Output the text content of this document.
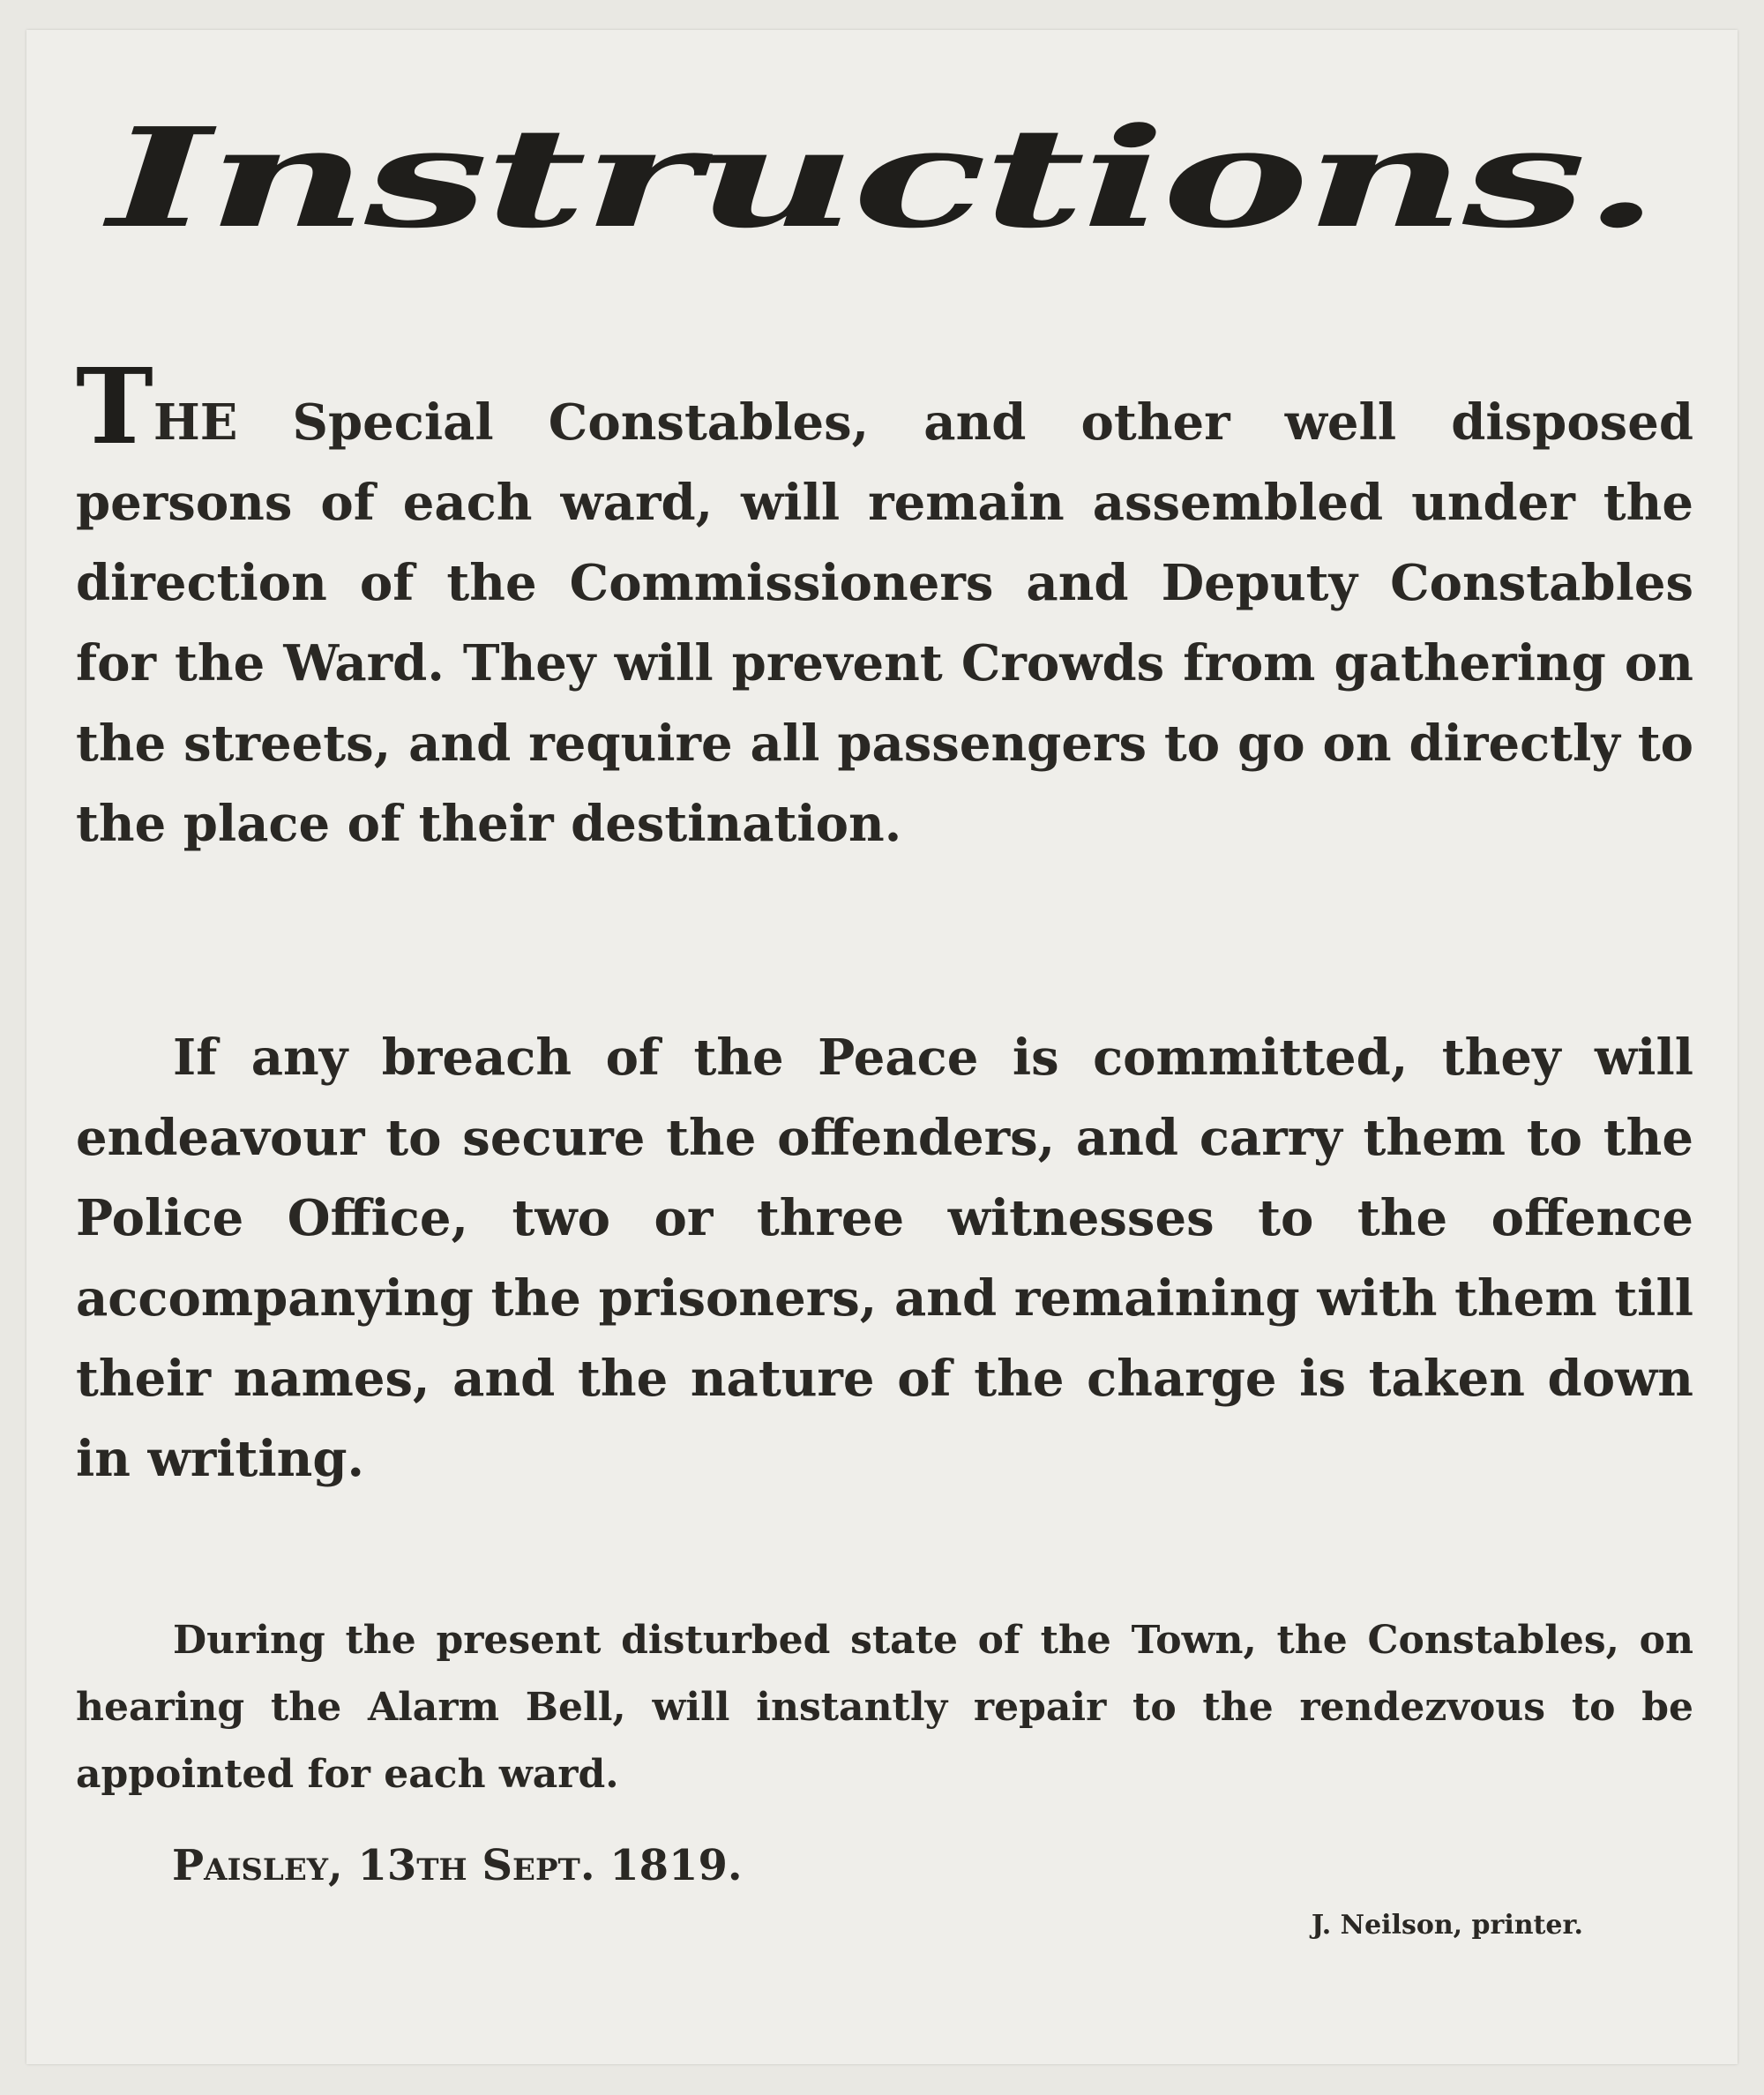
Instructions.

THE Special Constables, and other well disposed persons of each ward, will remain assembled under the direction of the Commissioners and Deputy Constables for the Ward. They will prevent Crowds from gathering on the streets, and require all passengers to go on directly to the place of their destination.

If any breach of the Peace is committed, they will endeavour to secure the offenders, and carry them to the Police Office, two or three witnesses to the offence accompanying the prisoners, and remaining with them till their names, and the nature of the charge is taken down in writing.

During the present disturbed state of the Town, the Constables, on hearing the Alarm Bell, will instantly repair to the rendezvous to be appointed for each ward.

Paisley, 13th Sept. 1819.

J. Neilson, printer.
